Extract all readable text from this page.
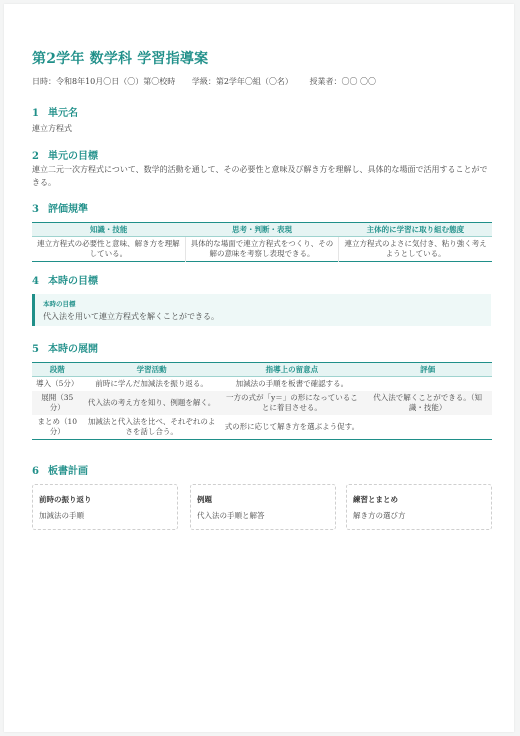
第2学年 数学科 学習指導案
日時：令和8年10月〇日（〇）第〇校時 学級：第2学年〇組（〇名） 授業者：〇〇 〇〇
1 単元名
連立方程式
2 単元の目標
連立二元一次方程式について、数学的活動を通して、その必要性と意味及び解き方を理解し、具体的な場面で活用することができる。
3 評価規準
知識・技能	思考・判断・表現	主体的に学習に取り組む態度
連立方程式の必要性と意味、解き方を理解している。	具体的な場面で連立方程式をつくり、その解の意味を考察し表現できる。	連立方程式のよさに気付き、粘り強く考えようとしている。
4 本時の目標
本時の目標
代入法を用いて連立方程式を解くことができる。
5 本時の展開
段階	学習活動	指導上の留意点	評価
導入（5分）	前時に学んだ加減法を振り返る。	加減法の手順を板書で確認する。	
展開（35分）	代入法の考え方を知り、例題を解く。	一方の式が「y＝」の形になっていることに着目させる。	代入法で解くことができる。（知識・技能）
まとめ（10分）	加減法と代入法を比べ、それぞれのよさを話し合う。	式の形に応じて解き方を選ぶよう促す。	
6 板書計画
前時の振り返り
加減法の手順
例題
代入法の手順と解答
練習とまとめ
解き方の選び方
